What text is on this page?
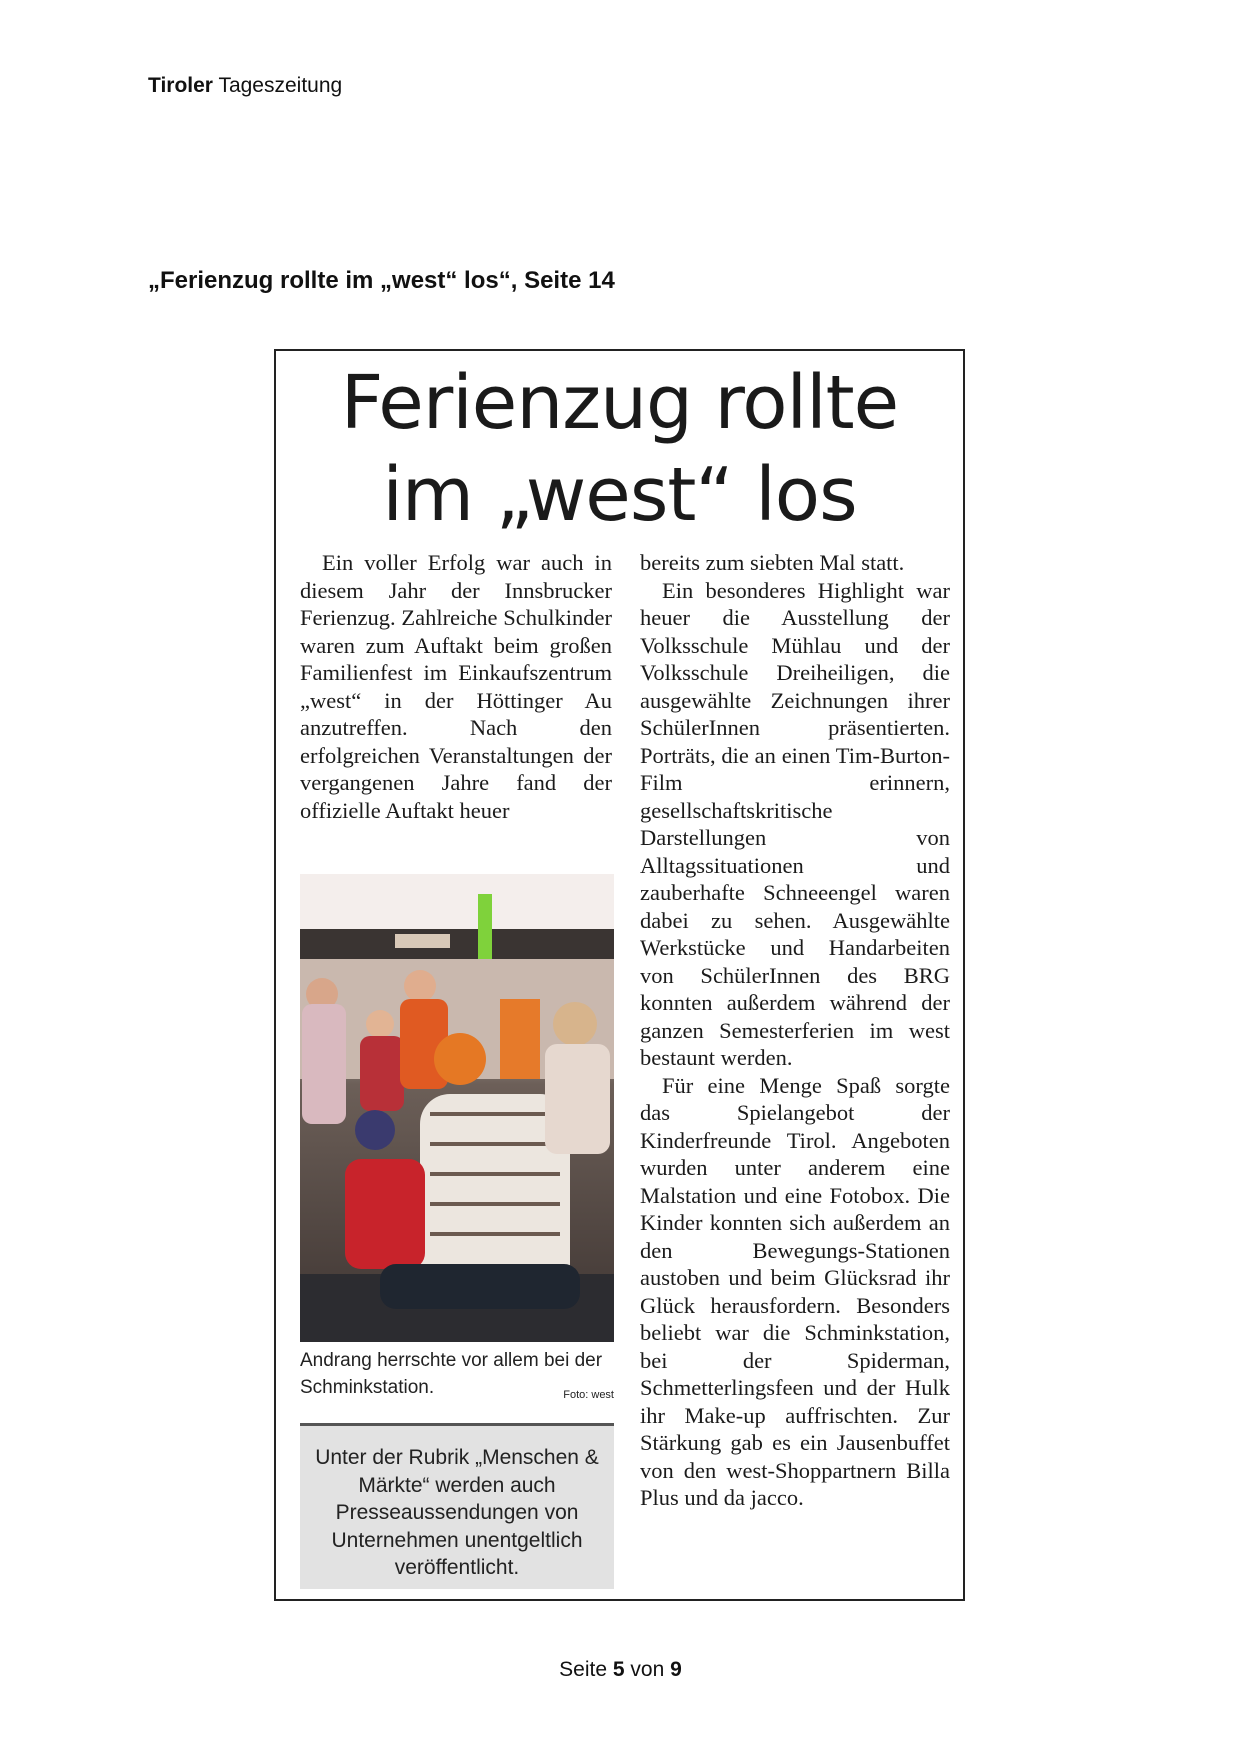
Tiroler Tageszeitung
„Ferienzug rollte im „west“ los“, Seite 14
Ferienzug rollte
im „west“ los

Ein voller Erfolg war auch in diesem Jahr der Innsbrucker Ferienzug. Zahlreiche Schulkinder waren zum Auftakt beim großen Familienfest im Einkaufszentrum „west“ in der Höttinger Au anzutreffen. Nach den erfolgreichen Veranstaltungen der vergangenen Jahre fand der offizielle Auftakt heuer

Andrang herrschte vor allem bei der Schminkstation.	Foto: west
Unter der Rubrik „Menschen & Märkte“ werden auch Presseaussendungen von Unternehmen unentgeltlich veröffentlicht.

bereits zum siebten Mal statt.

Ein besonderes Highlight war heuer die Ausstellung der Volksschule Mühlau und der Volksschule Dreiheiligen, die ausgewählte Zeichnungen ihrer SchülerInnen präsentierten. Porträts, die an einen Tim-Burton-Film erinnern, gesellschaftskritische Darstellungen von Alltagssituationen und zauberhafte Schneeengel waren dabei zu sehen. Ausgewählte Werkstücke und Handarbeiten von SchülerInnen des BRG konnten außerdem während der ganzen Semesterferien im west bestaunt werden.

Für eine Menge Spaß sorgte das Spielangebot der Kinderfreunde Tirol. Angeboten wurden unter anderem eine Malstation und eine Fotobox. Die Kinder konnten sich außerdem an den Bewegungs-Stationen austoben und beim Glücksrad ihr Glück herausfordern. Besonders beliebt war die Schminkstation, bei der Spiderman, Schmetterlingsfeen und der Hulk ihr Make-up auffrischten. Zur Stärkung gab es ein Jausenbuffet von den west-Shoppartnern Billa Plus und da jacco.

Seite 5 von 9
